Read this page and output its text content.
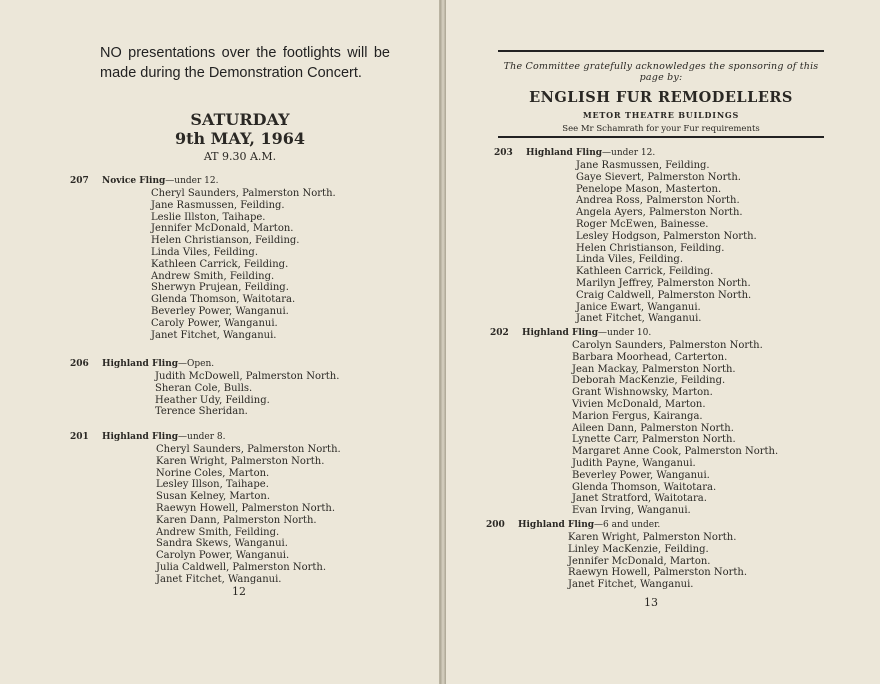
NO presentations over the footlights will be made during the Demonstration Concert.
SATURDAY
9th MAY, 1964
AT 9.30 A.M.
207 Novice Fling—under 12.
Cheryl Saunders, Palmerston North.
Jane Rasmussen, Feilding.
Leslie Illston, Taihape.
Jennifer McDonald, Marton.
Helen Christianson, Feilding.
Linda Viles, Feilding.
Kathleen Carrick, Feilding.
Andrew Smith, Feilding.
Sherwyn Prujean, Feilding.
Glenda Thomson, Waitotara.
Beverley Power, Wanganui.
Caroly Power, Wanganui.
Janet Fitchet, Wanganui.
206 Highland Fling—Open.
Judith McDowell, Palmerston North.
Sheran Cole, Bulls.
Heather Udy, Feilding.
Terence Sheridan.
201 Highland Fling—under 8.
Cheryl Saunders, Palmerston North.
Karen Wright, Palmerston North.
Norine Coles, Marton.
Lesley Illson, Taihape.
Susan Kelney, Marton.
Raewyn Howell, Palmerston North.
Karen Dann, Palmerston North.
Andrew Smith, Feilding.
Sandra Skews, Wanganui.
Carolyn Power, Wanganui.
Julia Caldwell, Palmerston North.
Janet Fitchet, Wanganui.
12
The Committee gratefully acknowledges the sponsoring of this page by:
ENGLISH FUR REMODELLERS
METOR THEATRE BUILDINGS
See Mr Schamrath for your Fur requirements
203 Highland Fling—under 12.
Jane Rasmussen, Feilding.
Gaye Sievert, Palmerston North.
Penelope Mason, Masterton.
Andrea Ross, Palmerston North.
Angela Ayers, Palmerston North.
Roger McEwen, Bainesse.
Lesley Hodgson, Palmerston North.
Helen Christianson, Feilding.
Linda Viles, Feilding.
Kathleen Carrick, Feilding.
Marilyn Jeffrey, Palmerston North.
Craig Caldwell, Palmerston North.
Janice Ewart, Wanganui.
Janet Fitchet, Wanganui.
202 Highland Fling—under 10.
Carolyn Saunders, Palmerston North.
Barbara Moorhead, Carterton.
Jean Mackay, Palmerston North.
Deborah MacKenzie, Feilding.
Grant Wishnowsky, Marton.
Vivien McDonald, Marton.
Marion Fergus, Kairanga.
Aileen Dann, Palmerston North.
Lynette Carr, Palmerston North.
Margaret Anne Cook, Palmerston North.
Judith Payne, Wanganui.
Beverley Power, Wanganui.
Glenda Thomson, Waitotara.
Janet Stratford, Waitotara.
Evan Irving, Wanganui.
200 Highland Fling—6 and under.
Karen Wright, Palmerston North.
Linley MacKenzie, Feilding.
Jennifer McDonald, Marton.
Raewyn Howell, Palmerston North.
Janet Fitchet, Wanganui.
13
